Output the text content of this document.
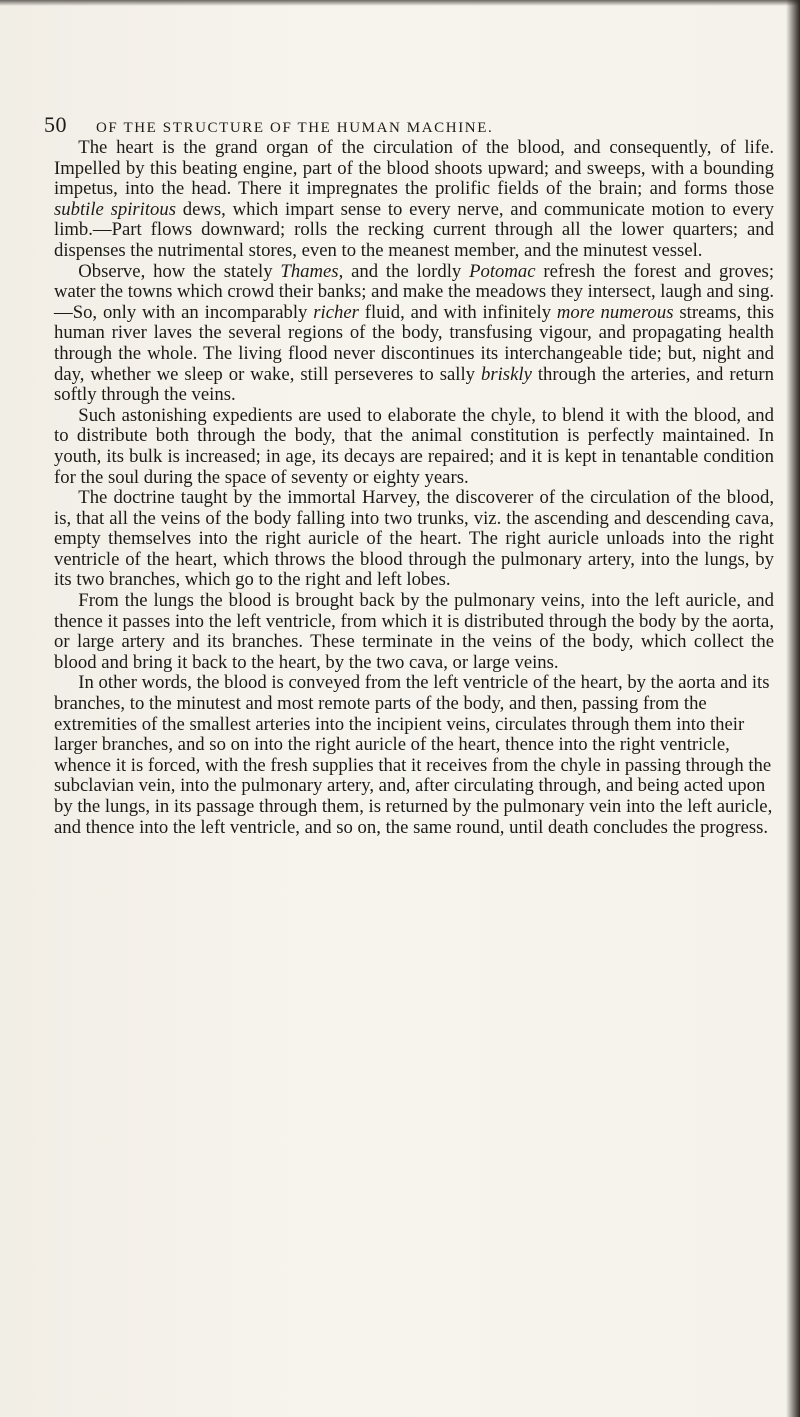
50	OF THE STRUCTURE OF THE HUMAN MACHINE.

The heart is the grand organ of the circulation of the blood, and consequently, of life. Impelled by this beating engine, part of the blood shoots upward; and sweeps, with a bounding impetus, into the head. There it impregnates the prolific fields of the brain; and forms those subtile spiritous dews, which impart sense to every nerve, and communicate motion to every limb.—Part flows downward; rolls the recking current through all the lower quarters; and dispenses the nutrimental stores, even to the meanest member, and the minutest vessel.

Observe, how the stately Thames, and the lordly Potomac refresh the forest and groves; water the towns which crowd their banks; and make the meadows they intersect, laugh and sing.—So, only with an incomparably richer fluid, and with infinitely more numerous streams, this human river laves the several regions of the body, transfusing vigour, and propagating health through the whole. The living flood never discontinues its interchangeable tide; but, night and day, whether we sleep or wake, still perseveres to sally briskly through the arteries, and return softly through the veins.

Such astonishing expedients are used to elaborate the chyle, to blend it with the blood, and to distribute both through the body, that the animal constitution is perfectly maintained. In youth, its bulk is increased; in age, its decays are repaired; and it is kept in tenantable condition for the soul during the space of seventy or eighty years.

The doctrine taught by the immortal Harvey, the discoverer of the circulation of the blood, is, that all the veins of the body falling into two trunks, viz. the ascending and descending cava, empty themselves into the right auricle of the heart. The right auricle unloads into the right ventricle of the heart, which throws the blood through the pulmonary artery, into the lungs, by its two branches, which go to the right and left lobes.

From the lungs the blood is brought back by the pulmonary veins, into the left auricle, and thence it passes into the left ventricle, from which it is distributed through the body by the aorta, or large artery and its branches. These terminate in the veins of the body, which collect the blood and bring it back to the heart, by the two cava, or large veins.

In other words, the blood is conveyed from the left ventricle of the heart, by the aorta and its branches, to the minutest and most remote parts of the body, and then, passing from the extremities of the smallest arteries into the incipient veins, circulates through them into their larger branches, and so on into the right auricle of the heart, thence into the right ventricle, whence it is forced, with the fresh supplies that it receives from the chyle in passing through the subclavian vein, into the pulmonary artery, and, after circulating through, and being acted upon by the lungs, in its passage through them, is returned by the pulmonary vein into the left auricle, and thence into the left ventricle, and so on, the same round, until death concludes the progress.
